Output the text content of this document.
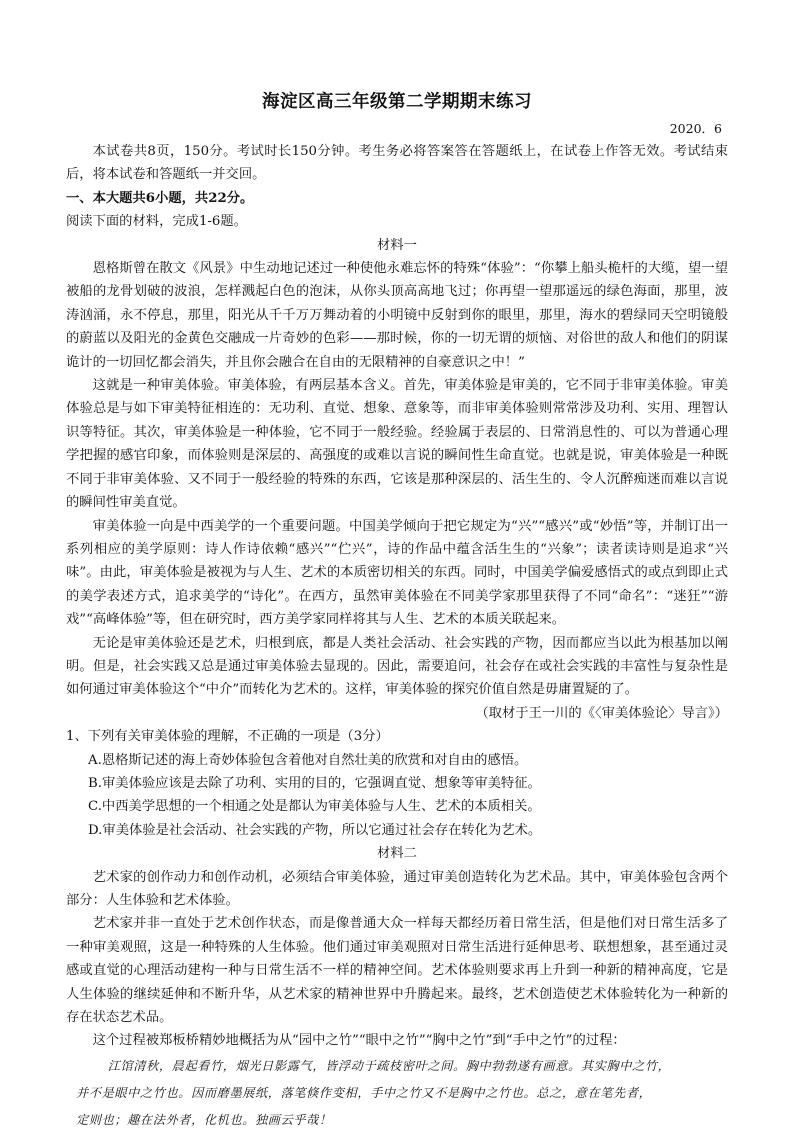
海淀区高三年级第二学期期末练习
2020．6

本试卷共8页，150分。考试时长150分钟。考生务必将答案答在答题纸上，在试卷上作答无效。考试结束后，将本试卷和答题纸一并交回。

一、本大题共6小题，共22分。

阅读下面的材料，完成1-6题。

材料一

恩格斯曾在散文《风景》中生动地记述过一种使他永难忘怀的特殊“体验”：“你攀上船头桅杆的大缆，望一望被船的龙骨划破的波浪，怎样溅起白色的泡沫，从你头顶高高地飞过；你再望一望那遥远的绿色海面，那里，波涛汹涌，永不停息，那里，阳光从千千万万舞动着的小明镜中反射到你的眼里，那里，海水的碧绿同天空明镜般的蔚蓝以及阳光的金黄色交融成一片奇妙的色彩——那时候，你的一切无谓的烦恼、对俗世的敌人和他们的阴谋诡计的一切回忆都会消失，并且你会融合在自由的无限精神的自豪意识之中！”

这就是一种审美体验。审美体验，有两层基本含义。首先，审美体验是审美的，它不同于非审美体验。审美体验总是与如下审美特征相连的：无功利、直觉、想象、意象等，而非审美体验则常常涉及功利、实用、理智认识等特征。其次，审美体验是一种体验，它不同于一般经验。经验属于表层的、日常消息性的、可以为普通心理学把握的感官印象，而体验则是深层的、高强度的或难以言说的瞬间性生命直觉。也就是说，审美体验是一种既不同于非审美体验、又不同于一般经验的特殊的东西，它该是那种深层的、活生生的、令人沉醉痴迷而难以言说的瞬间性审美直觉。

审美体验一向是中西美学的一个重要问题。中国美学倾向于把它规定为“兴”“感兴”或“妙悟”等，并制订出一系列相应的美学原则：诗人作诗依赖“感兴”“伫兴”，诗的作品中蕴含活生生的“兴象”；读者读诗则是追求“兴味”。由此，审美体验是被视为与人生、艺术的本质密切相关的东西。同时，中国美学偏爱感悟式的或点到即止式的美学表述方式，追求美学的“诗化”。在西方，虽然审美体验在不同美学家那里获得了不同“命名”：“迷狂”“游戏”“高峰体验”等，但在研究时，西方美学家同样将其与人生、艺术的本质关联起来。

无论是审美体验还是艺术，归根到底，都是人类社会活动、社会实践的产物，因而都应当以此为根基加以阐明。但是，社会实践又总是通过审美体验去显现的。因此，需要追问，社会存在或社会实践的丰富性与复杂性是如何通过审美体验这个“中介”而转化为艺术的。这样，审美体验的探究价值自然是毋庸置疑的了。

（取材于王一川的《〈审美体验论〉导言》）

1、下列有关审美体验的理解，不正确的一项是（3分）

A.恩格斯记述的海上奇妙体验包含着他对自然壮美的欣赏和对自由的感悟。

B.审美体验应该是去除了功利、实用的目的，它强调直觉、想象等审美特征。

C.中西美学思想的一个相通之处是都认为审美体验与人生、艺术的本质相关。

D.审美体验是社会活动、社会实践的产物，所以它通过社会存在转化为艺术。

材料二

艺术家的创作动力和创作动机，必须结合审美体验，通过审美创造转化为艺术品。其中，审美体验包含两个部分：人生体验和艺术体验。

艺术家并非一直处于艺术创作状态，而是像普通大众一样每天都经历着日常生活，但是他们对日常生活多了一种审美观照，这是一种特殊的人生体验。他们通过审美观照对日常生活进行延伸思考、联想想象，甚至通过灵感或直觉的心理活动建构一种与日常生活不一样的精神空间。艺术体验则要求再上升到一种新的精神高度，它是人生体验的继续延伸和不断升华，从艺术家的精神世界中升腾起来。最终，艺术创造使艺术体验转化为一种新的存在状态艺术品。

这个过程被郑板桥精妙地概括为从“园中之竹”“眼中之竹”“胸中之竹”到“手中之竹”的过程：

江馆清秋，晨起看竹，烟光日影露气，皆浮动于疏枝密叶之间。胸中勃勃遂有画意。其实胸中之竹，
并不是眼中之竹也。因而磨墨展纸，落笔倏作变相，手中之竹又不是胸中之竹也。总之，意在笔先者，
定则也；趣在法外者，化机也。独画云乎哉！
